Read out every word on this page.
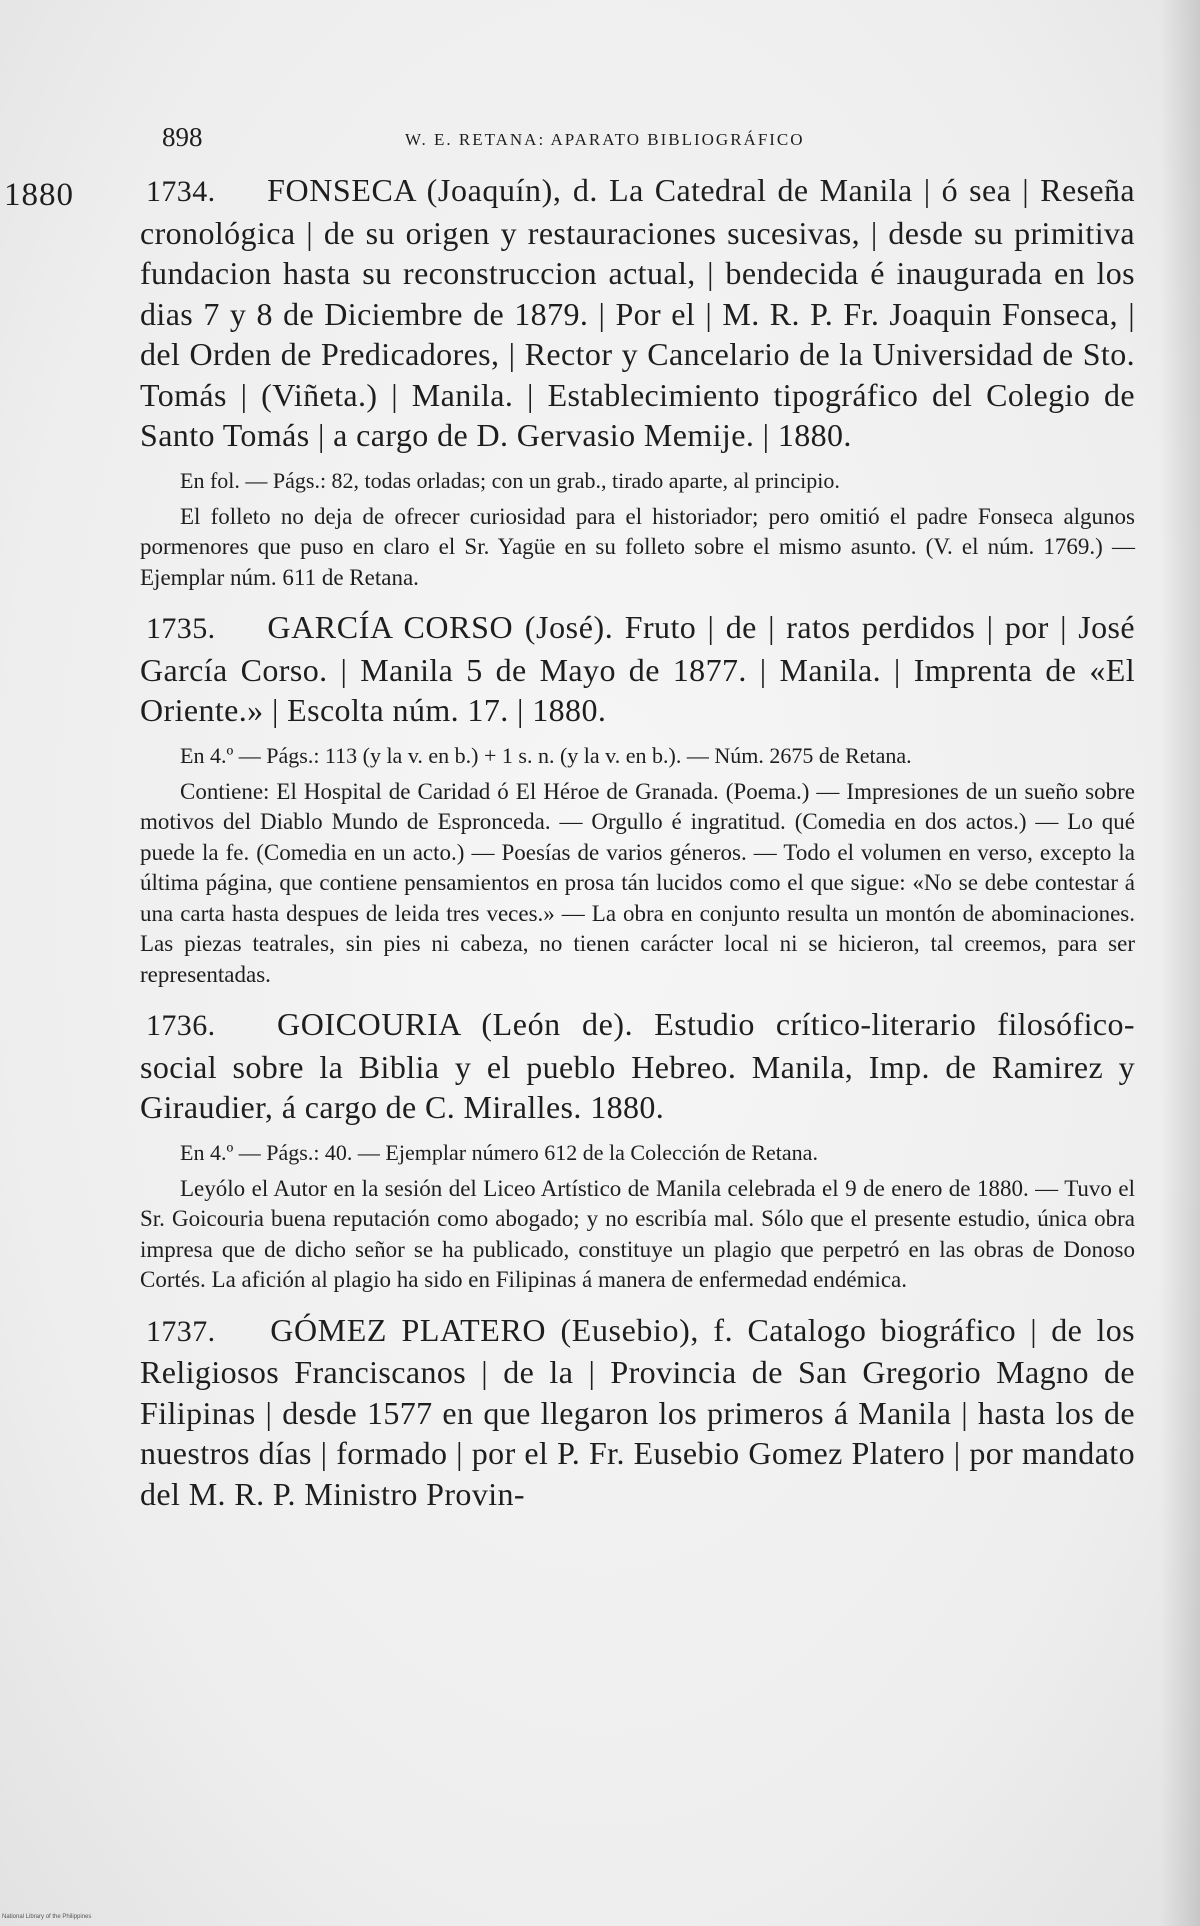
898	W. E. RETANA: APARATO BIBLIOGRÁFICO
1880 1734. FONSECA (Joaquín), d. La Catedral de Manila | ó sea | Reseña cronológica | de su origen y restauraciones sucesivas, | desde su primitiva fundacion hasta su reconstruccion actual, | bendecida é inaugurada en los dias 7 y 8 de Diciembre de 1879. | Por el | M. R. P. Fr. Joaquin Fonseca, | del Orden de Predicadores, | Rector y Cancelario de la Universidad de Sto. Tomás | (Viñeta.) | Manila. | Establecimiento tipográfico del Colegio de Santo Tomás | a cargo de D. Gervasio Memije. | 1880.

En fol. — Págs.: 82, todas orladas; con un grab., tirado aparte, al principio.

El folleto no deja de ofrecer curiosidad para el historiador; pero omitió el padre Fonseca algunos pormenores que puso en claro el Sr. Yagüe en su folleto sobre el mismo asunto. (V. el núm. 1769.) — Ejemplar núm. 611 de Retana.

1735. GARCÍA CORSO (José). Fruto | de | ratos perdidos | por | José García Corso. | Manila 5 de Mayo de 1877. | Manila. | Imprenta de «El Oriente.» | Escolta núm. 17. | 1880.

En 4.º — Págs.: 113 (y la v. en b.) + 1 s. n. (y la v. en b.). — Núm. 2675 de Retana.

Contiene: El Hospital de Caridad ó El Héroe de Granada. (Poema.) — Impresiones de un sueño sobre motivos del Diablo Mundo de Espronceda. — Orgullo é ingratitud. (Comedia en dos actos.) — Lo qué puede la fe. (Comedia en un acto.) — Poesías de varios géneros. — Todo el volumen en verso, excepto la última página, que contiene pensamientos en prosa tán lucidos como el que sigue: «No se debe contestar á una carta hasta despues de leida tres veces.» — La obra en conjunto resulta un montón de abominaciones. Las piezas teatrales, sin pies ni cabeza, no tienen carácter local ni se hicieron, tal creemos, para ser representadas.

1736. GOICOURIA (León de). Estudio crítico-literario filosófico-social sobre la Biblia y el pueblo Hebreo. Manila, Imp. de Ramirez y Giraudier, á cargo de C. Miralles. 1880.

En 4.º — Págs.: 40. — Ejemplar número 612 de la Colección de Retana.

Leyólo el Autor en la sesión del Liceo Artístico de Manila celebrada el 9 de enero de 1880. — Tuvo el Sr. Goicouria buena reputación como abogado; y no escribía mal. Sólo que el presente estudio, única obra impresa que de dicho señor se ha publicado, constituye un plagio que perpetró en las obras de Donoso Cortés. La afición al plagio ha sido en Filipinas á manera de enfermedad endémica.

1737. GÓMEZ PLATERO (Eusebio), f. Catalogo biográfico | de los Religiosos Franciscanos | de la | Provincia de San Gregorio Magno de Filipinas | desde 1577 en que llegaron los primeros á Manila | hasta los de nuestros días | formado | por el P. Fr. Eusebio Gomez Platero | por mandato del M. R. P. Ministro Provin-

National Library of the Philippines
